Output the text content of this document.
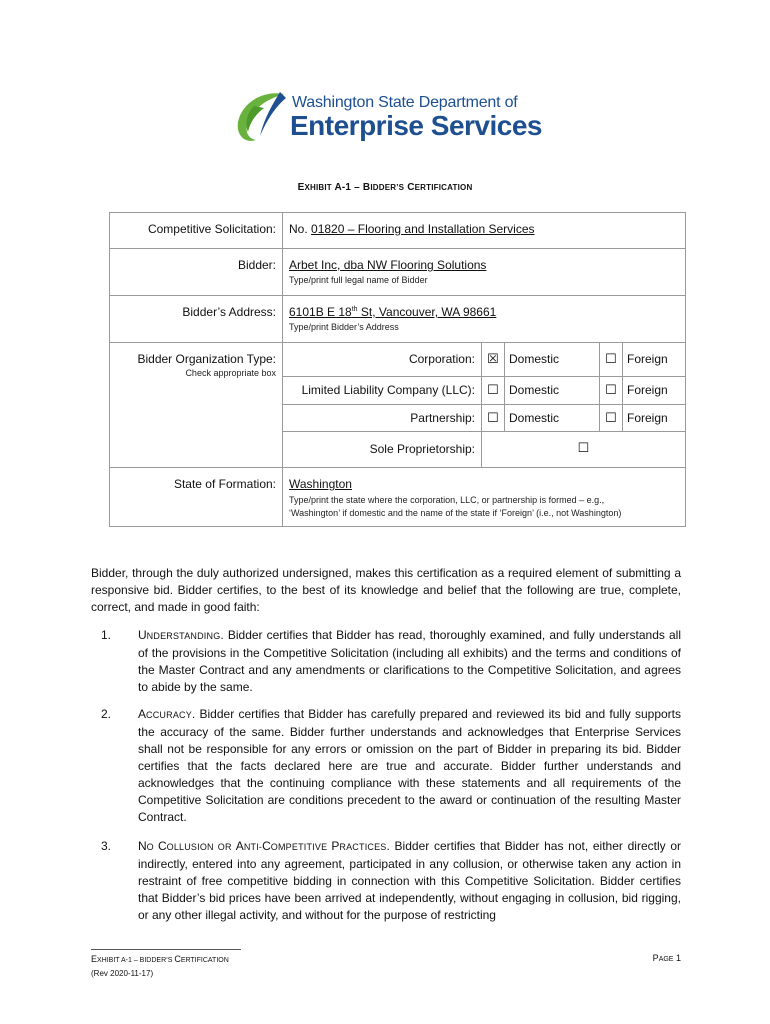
Washington State Department of
Enterprise Services
EXHIBIT A-1 – BIDDER’S CERTIFICATION
Competitive Solicitation:	No. 01820 – Flooring and Installation Services				
Bidder:	Arbet Inc, dba NW Flooring Solutions
Type/print full legal name of Bidder				

Bidder’s Address:	6101B E 18th St, Vancouver, WA 98661
Type/print Bidder’s Address				

Bidder Organization Type:
Check appropriate box	Corporation:	☒	Domestic	☐	Foreign
	Limited Liability Company (LLC):	☐	Domestic	☐	Foreign
	Partnership:	☐	Domestic	☐	Foreign
	Sole Proprietorship:	☐			
State of Formation:	Washington
Type/print the state where the corporation, LLC, or partnership is formed – e.g.,
‘Washington’ if domestic and the name of the state if ‘Foreign’ (i.e., not Washington)				
Bidder, through the duly authorized undersigned, makes this certification as a required element of submitting a responsive bid. Bidder certifies, to the best of its knowledge and belief that the following are true, complete, correct, and made in good faith:
1. UNDERSTANDING. Bidder certifies that Bidder has read, thoroughly examined, and fully understands all of the provisions in the Competitive Solicitation (including all exhibits) and the terms and conditions of the Master Contract and any amendments or clarifications to the Competitive Solicitation, and agrees to abide by the same.
2. ACCURACY. Bidder certifies that Bidder has carefully prepared and reviewed its bid and fully supports the accuracy of the same. Bidder further understands and acknowledges that Enterprise Services shall not be responsible for any errors or omission on the part of Bidder in preparing its bid. Bidder certifies that the facts declared here are true and accurate. Bidder further understands and acknowledges that the continuing compliance with these statements and all requirements of the Competitive Solicitation are conditions precedent to the award or continuation of the resulting Master Contract.
3. NO COLLUSION OR ANTI-COMPETITIVE PRACTICES. Bidder certifies that Bidder has not, either directly or indirectly, entered into any agreement, participated in any collusion, or otherwise taken any action in restraint of free competitive bidding in connection with this Competitive Solicitation. Bidder certifies that Bidder’s bid prices have been arrived at independently, without engaging in collusion, bid rigging, or any other illegal activity, and without for the purpose of restricting
EXHIBIT A-1 – BIDDER’S CERTIFICATION
(Rev 2020-11-17)
PAGE 1
